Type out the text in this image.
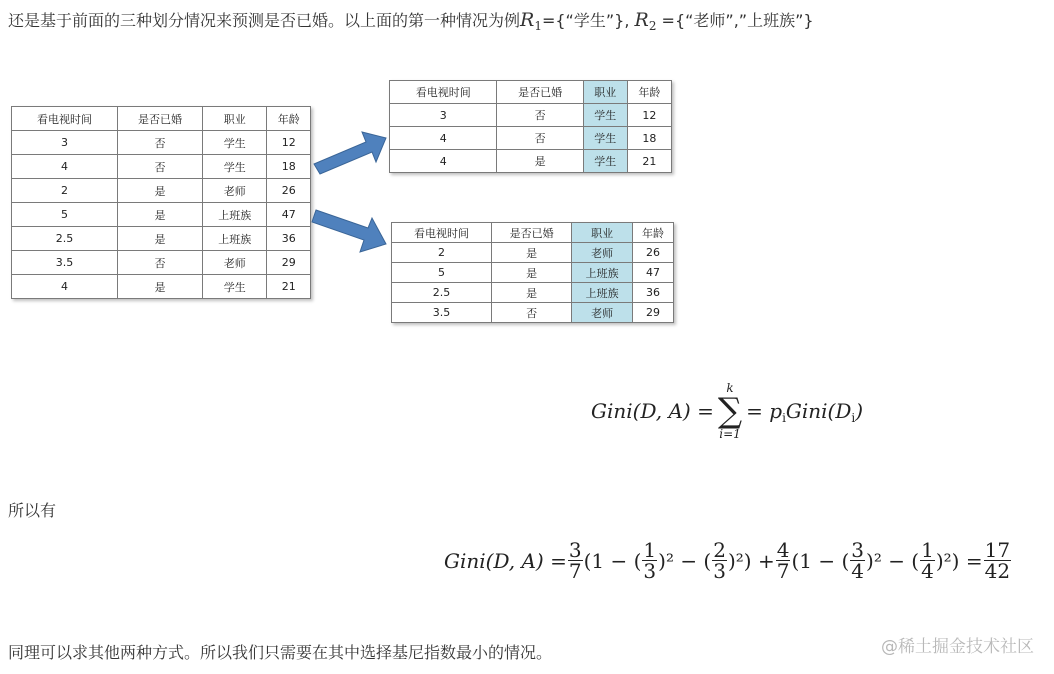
还是基于前面的三种划分情况来预测是否已婚。以上面的第一种情况为例$R_1=\{“$学生”}, $R_2$ ={“老师”,”上班族”}
看电视时间	是否已婚	职业	年龄
3	否	学生	12
4	否	学生	18
2	是	老师	26
5	是	上班族	47
2.5	是	上班族	36
3.5	否	老师	29
4	是	学生	21
看电视时间	是否已婚	职业	年龄
3	否	学生	12
4	否	学生	18
4	是	学生	21
看电视时间	是否已婚	职业	年龄
2	是	老师	26
5	是	上班族	47
2.5	是	上班族	36
3.5	否	老师	29
Gini(D, A) =
k
∑
i=1
= $p_iGini(D_i)$
所以有
Gini(D, $A) = \frac{3}{7} (1$ − ( $\frac{1}{3} )^2$ − ( $\frac{2}{3} )^2) + \frac{4}{7} (1$ − ( $\frac{3}{4} )^2$ − ( $\frac{1}{4} )^2) = \frac{17}{42}$
同理可以求其他两种方式。所以我们只需要在其中选择基尼指数最小的情况。	@稀土掘金技术社区
